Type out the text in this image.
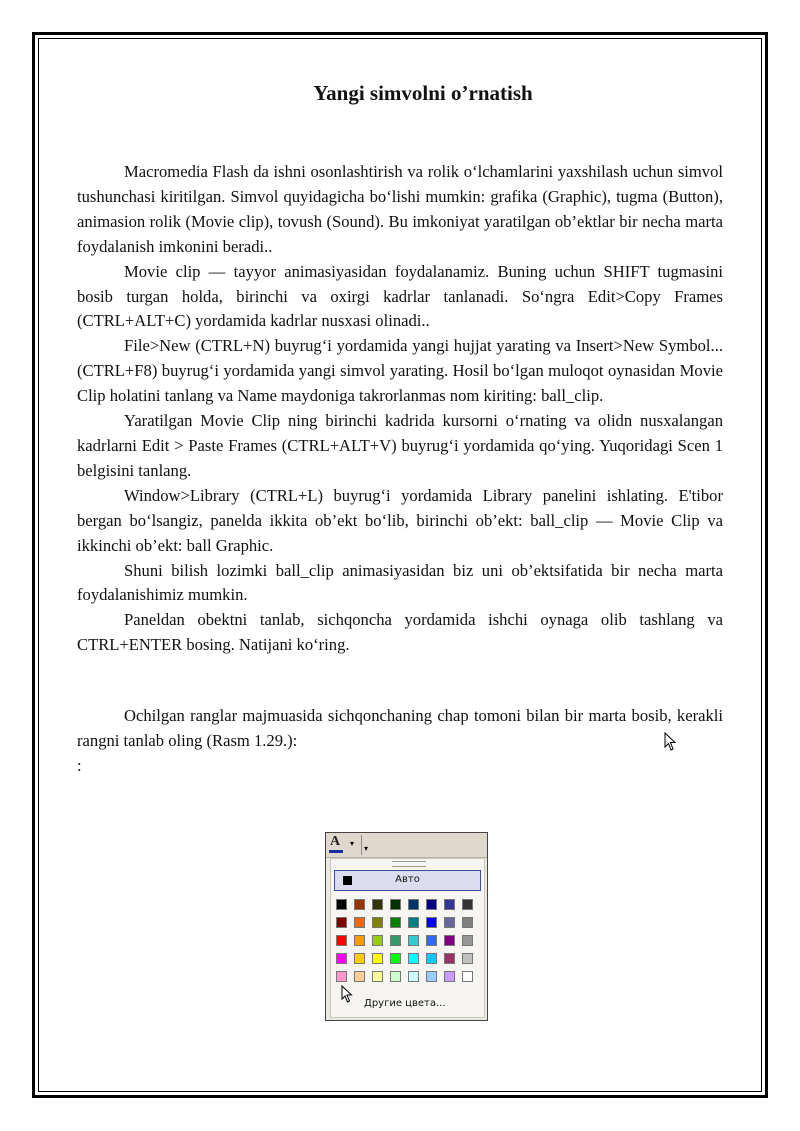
Yangi simvolni o’rnatish

Macromedia Flash da ishni osonlashtirish va rolik o‘lchamlarini yaxshilash uchun simvol tushunchasi kiritilgan. Simvol quyidagicha bo‘lishi mumkin: grafika (Graphic), tugma (Button), animasion rolik (Movie clip), tovush (Sound). Bu imkoniyat yaratilgan ob’ektlar bir necha marta foydalanish imkonini beradi..

Movie clip — tayyor animasiyasidan foydalanamiz. Buning uchun SHIFT tugmasini bosib turgan holda, birinchi va oxirgi kadrlar tanlanadi. So‘ngra Edit>Copy Frames (CTRL+ALT+C) yordamida kadrlar nusxasi olinadi..

File>New (CTRL+N) buyrug‘i yordamida yangi hujjat yarating va Insert>New Symbol... (CTRL+F8) buyrug‘i yordamida yangi simvol yarating. Hosil bo‘lgan muloqot oynasidan Movie Clip holatini tanlang va Name maydoniga takrorlanmas nom kiriting: ball_clip.

Yaratilgan Movie Clip ning birinchi kadrida kursorni o‘rnating va olidn nusxalangan kadrlarni Edit > Paste Frames (CTRL+ALT+V) buyrug‘i yordamida qo‘ying. Yuqoridagi Scen 1 belgisini tanlang.

Window>Library (CTRL+L) buyrug‘i yordamida Library panelini ishlating. E'tibor bergan bo‘lsangiz, panelda ikkita ob’ekt bo‘lib, birinchi ob’ekt: ball_clip — Movie Clip va ikkinchi ob’ekt: ball Graphic.

Shuni bilish lozimki ball_clip animasiyasidan biz uni ob’ektsifatida bir necha marta foydalanishimiz mumkin.

Paneldan obektni tanlab, sichqoncha yordamida ishchi oynaga olib tashlang va CTRL+ENTER bosing. Natijani ko‘ring.

Ochilgan ranglar majmuasida sichqonchaning chap tomoni bilan bir marta bosib, kerakli rangni tanlab oling (Rasm 1.29.):

:

A ▾
▾
Авто
Другие цвета...
